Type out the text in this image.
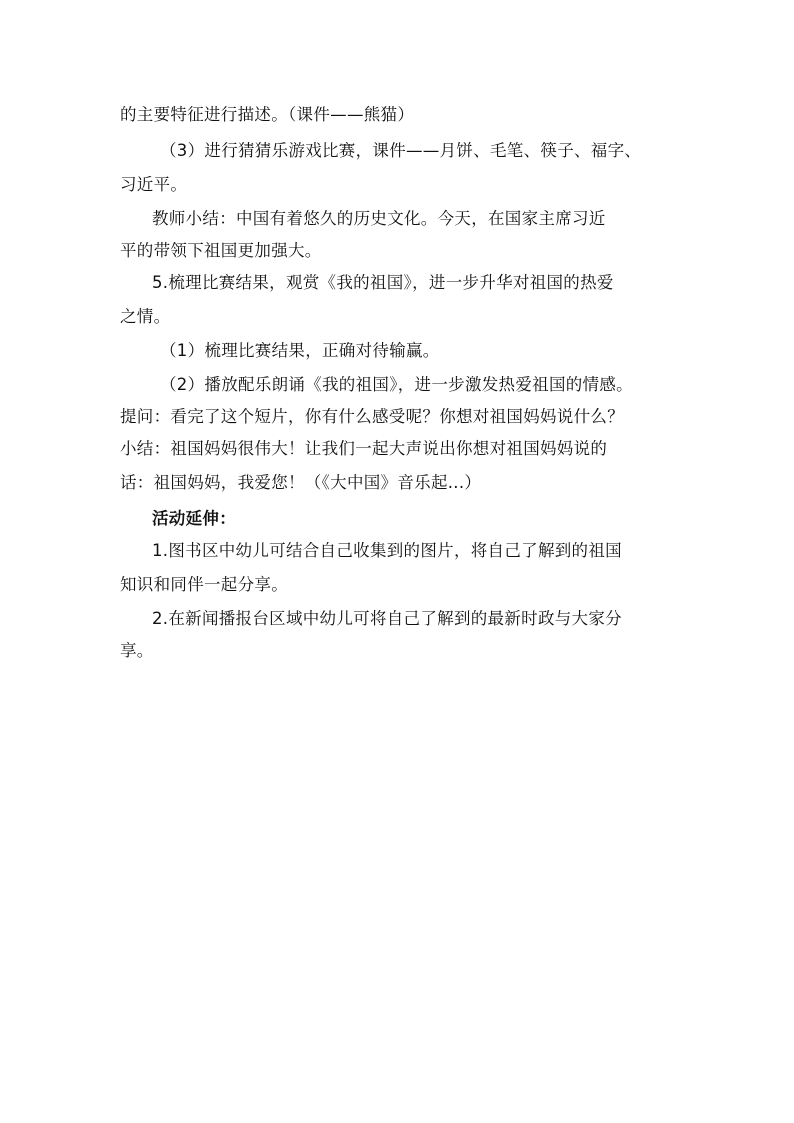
的主要特征进行描述。（课件——熊猫）
（3）进行猜猜乐游戏比赛，课件——月饼、毛笔、筷子、福字、
习近平。
教师小结：中国有着悠久的历史文化。今天，在国家主席习近
平的带领下祖国更加强大。
5.梳理比赛结果，观赏《我的祖国》，进一步升华对祖国的热爱
之情。
（1）梳理比赛结果，正确对待输赢。
（2）播放配乐朗诵《我的祖国》，进一步激发热爱祖国的情感。
提问：看完了这个短片，你有什么感受呢？你想对祖国妈妈说什么？
小结：祖国妈妈很伟大！让我们一起大声说出你想对祖国妈妈说的
话：祖国妈妈，我爱您！（《大中国》音乐起...）
活动延伸：
1.图书区中幼儿可结合自己收集到的图片，将自己了解到的祖国
知识和同伴一起分享。
2.在新闻播报台区域中幼儿可将自己了解到的最新时政与大家分
享。
